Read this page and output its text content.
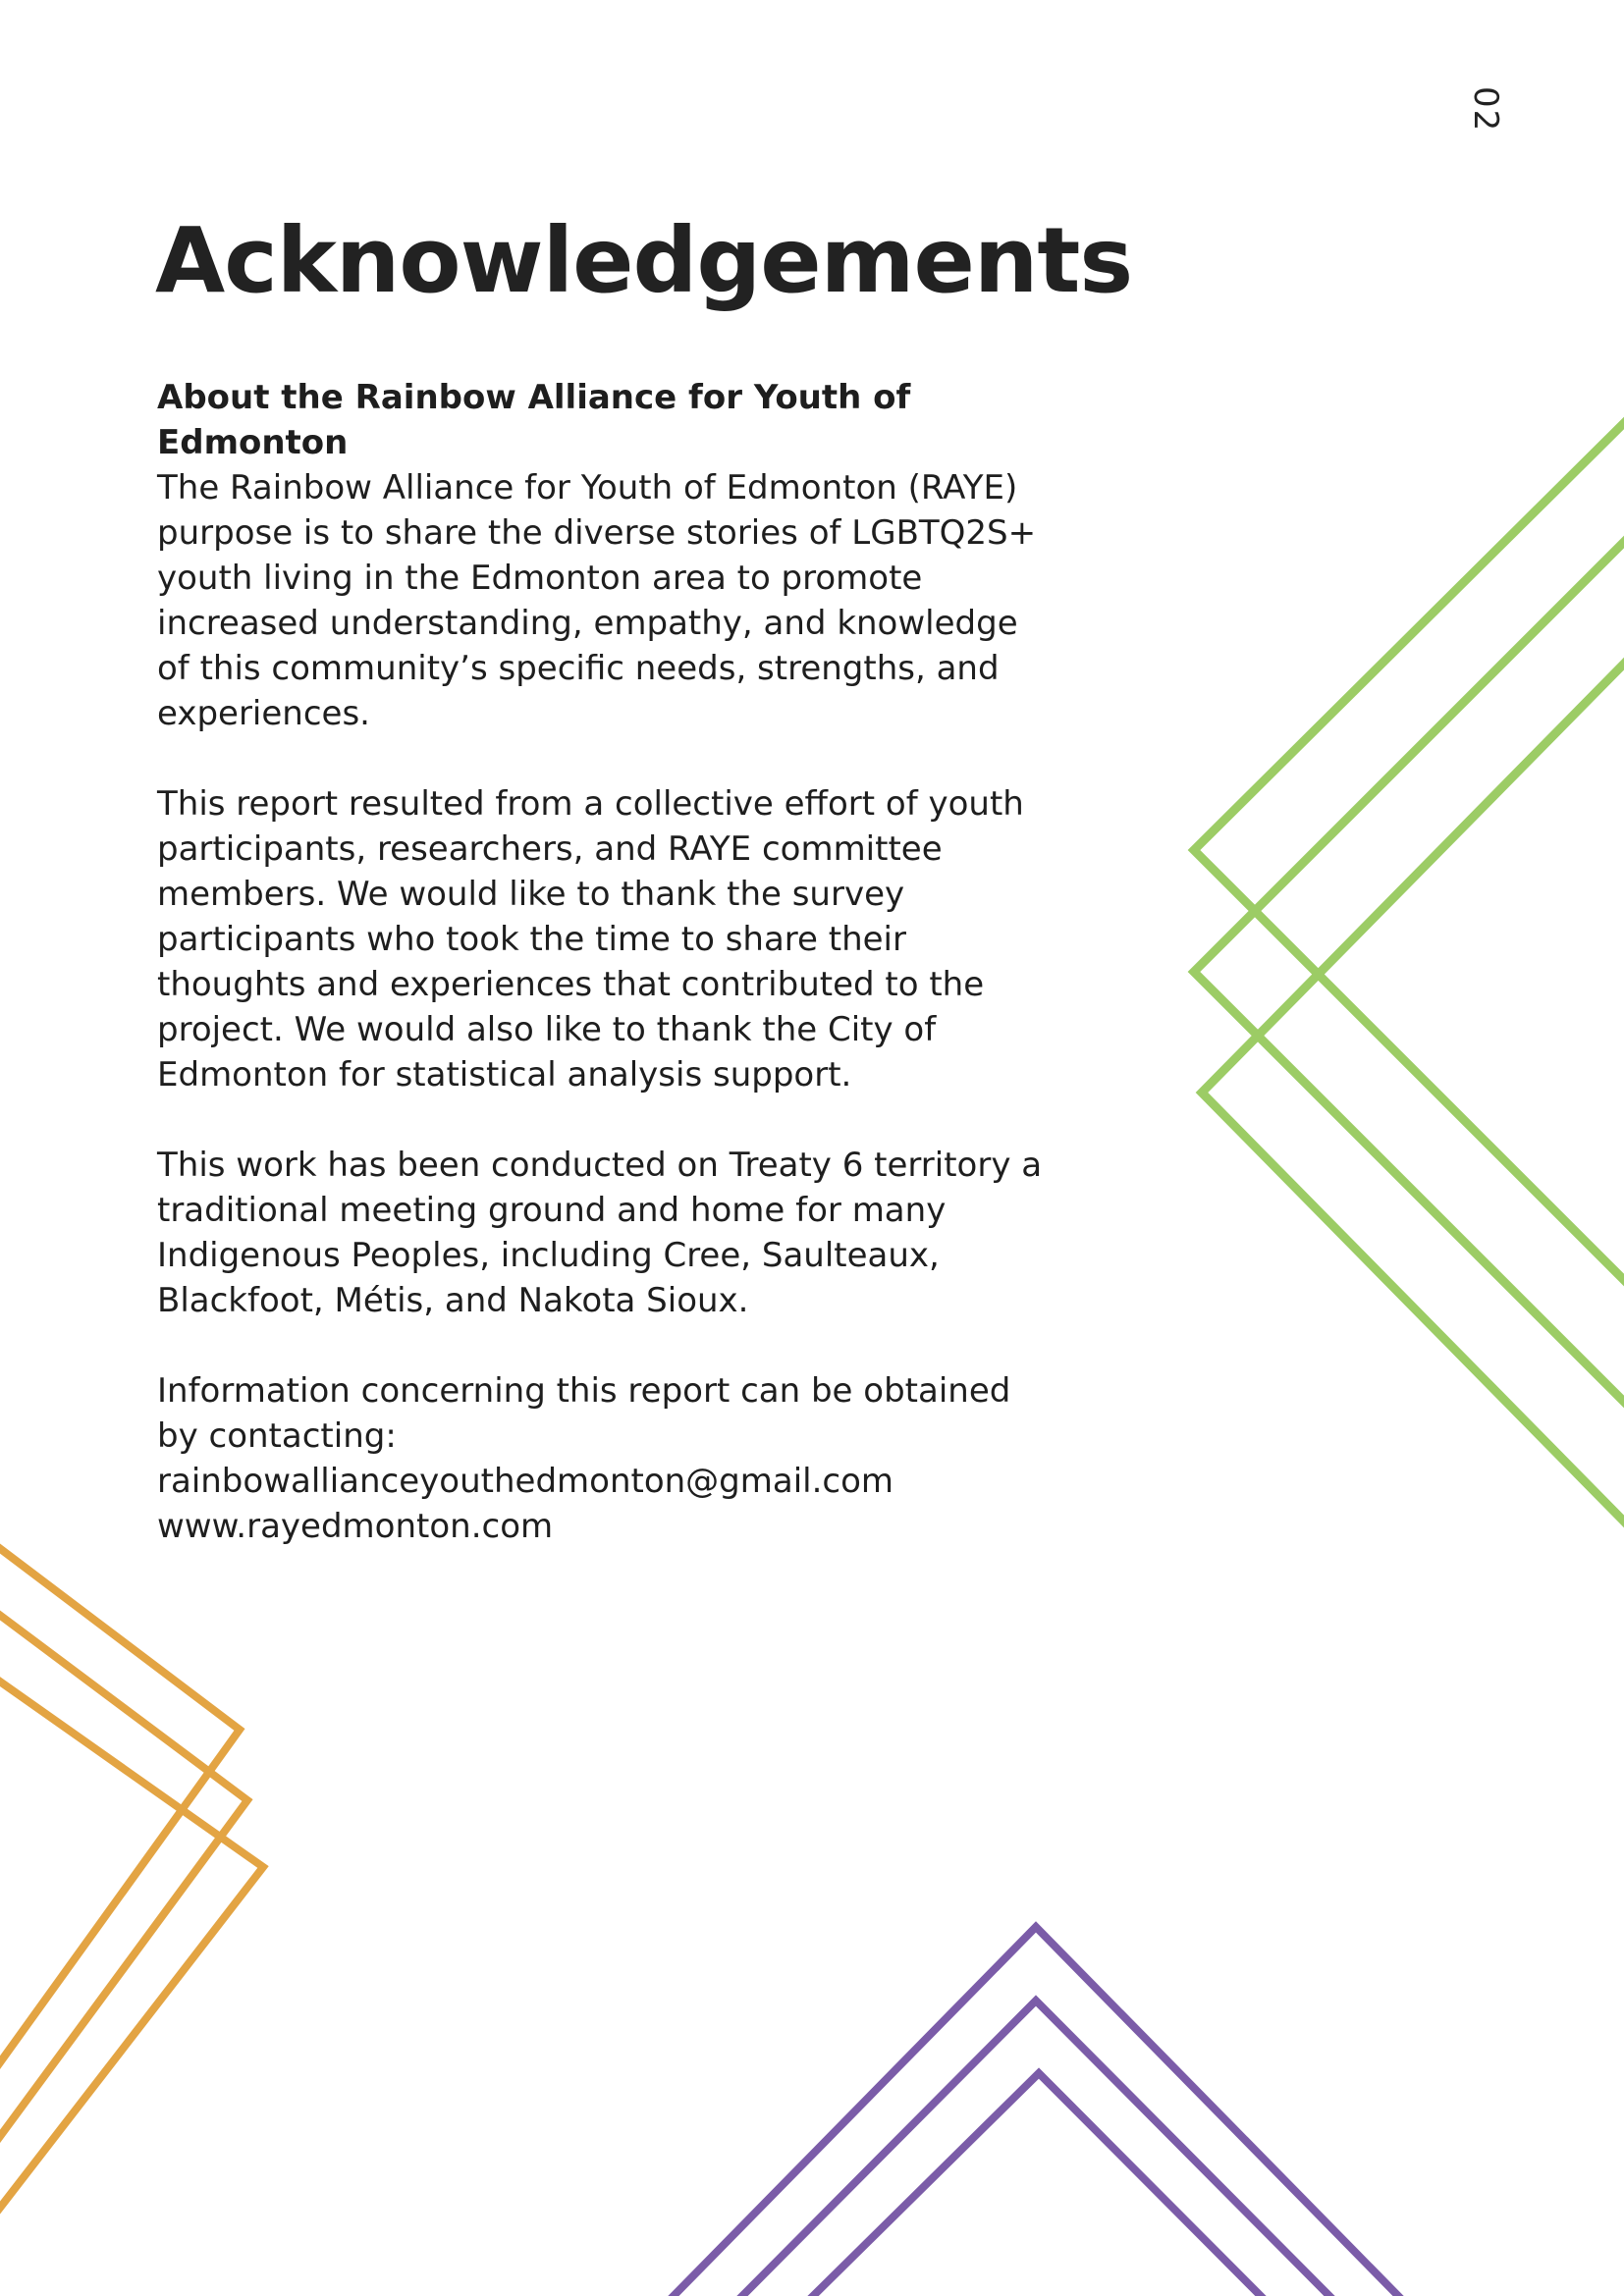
02
Acknowledgements

About the Rainbow Alliance for Youth of
Edmonton
The Rainbow Alliance for Youth of Edmonton (RAYE)
purpose is to share the diverse stories of LGBTQ2S+
youth living in the Edmonton area to promote
increased understanding, empathy, and knowledge
of this community’s specific needs, strengths, and
experiences.

This report resulted from a collective effort of youth
participants, researchers, and RAYE committee
members. We would like to thank the survey
participants who took the time to share their
thoughts and experiences that contributed to the
project. We would also like to thank the City of
Edmonton for statistical analysis support.

This work has been conducted on Treaty 6 territory a
traditional meeting ground and home for many
Indigenous Peoples, including Cree, Saulteaux,
Blackfoot, Métis, and Nakota Sioux.

Information concerning this report can be obtained
by contacting:
rainbowallianceyouthedmonton@gmail.com
www.rayedmonton.com
